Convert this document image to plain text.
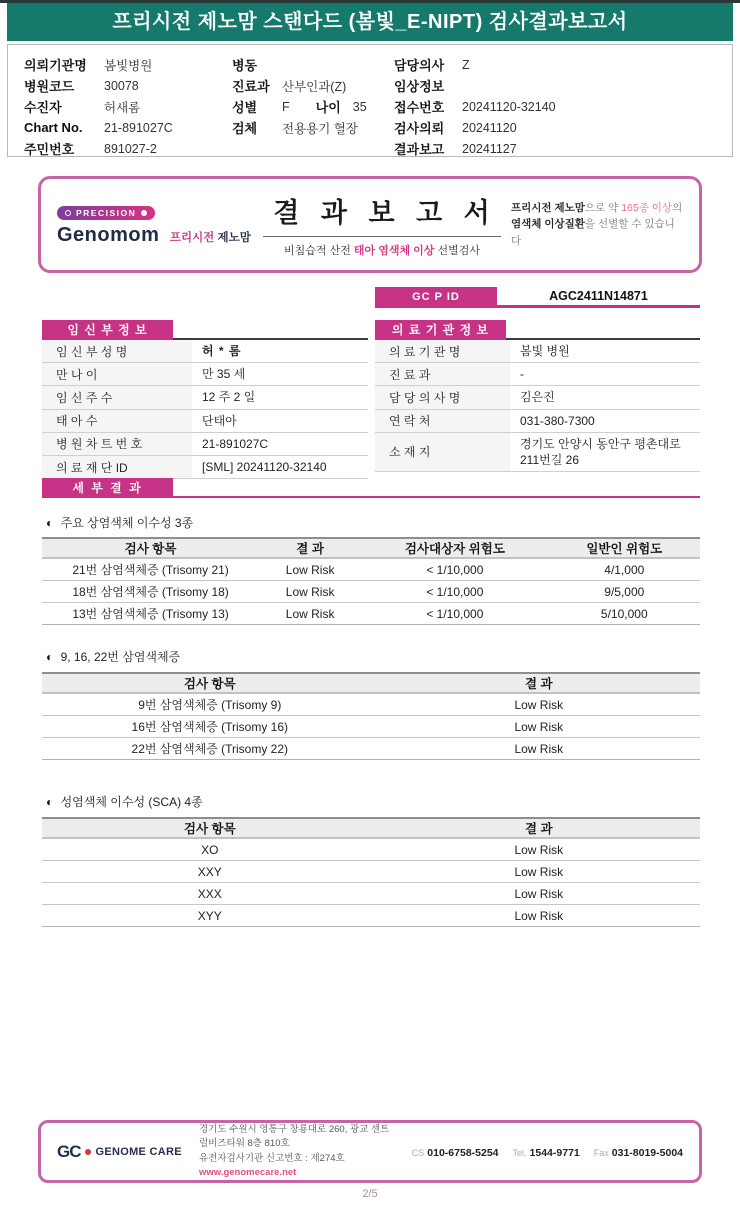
프리시전 제노맘 스탠다드 (봄빛_E-NIPT) 검사결과보고서
의뢰기관명	봄빛병원
병원코드	30078
수진자	허새롬
Chart No.	21-891027C
주민번호	891027-2
병동
진료과 산부인과(Z)
성별	F 나이 35
검체	전용용기 혈장
담당의사	Z
임상정보
접수번호	20241120-32140
검사의뢰	20241120
결과보고	20241127
PRECISION
Genomom 프리시전 제노맘
결 과 보 고 서
비침습적 산전 태아 염색체 이상 선별검사
프리시전 제노맘으로 약 165종 이상의
염색체 이상질환을 선별할 수 있습니다
GC P ID	AGC2411N14871
임 신 부 정 보
임 신 부 성 명	허 * 롬
만 나 이	만 35 세
임 신 주 수	12 주 2 일
태 아 수	단태아
병 원 차 트 번 호	21-891027C
의 료 재 단 ID	[SML] 20241120-32140
의 료 기 관 정 보
의 료 기 관 명	봄빛 병원
진 료 과	-
담 당 의 사 명	김은진
연 락 처	031-380-7300
소 재 지
경기도 안양시 동안구 평촌대로 211번길 26
세 부 결 과
◐ 주요 상염색체 이수성 3종
검사 항목	결 과	검사대상자 위험도	일반인 위험도
21번 삼염색체증 (Trisomy 21)	Low Risk	< 1/10,000	4/1,000
18번 삼염색체증 (Trisomy 18)	Low Risk	< 1/10,000	9/5,000
13번 삼염색체증 (Trisomy 13)	Low Risk	< 1/10,000	5/10,000
◐ 9, 16, 22번 삼염색체증
검사 항목	결 과
9번 삼염색체증 (Trisomy 9)	Low Risk
16번 삼염색체증 (Trisomy 16)	Low Risk
22번 삼염색체증 (Trisomy 22)	Low Risk
◐ 성염색체 이수성 (SCA) 4종
검사 항목	결 과
XO	Low Risk
XXY	Low Risk
XXX	Low Risk
XYY	Low Risk
GC GENOME CARE
경기도 수원시 영통구 창룡대로 260, 광교 센트럴비즈타워 8층 810호
유전자검사기관 신고번호 : 제274호
www.genomecare.net
CS 010-6758-5254 Tel. 1544-9771 Fax 031-8019-5004
2/5
